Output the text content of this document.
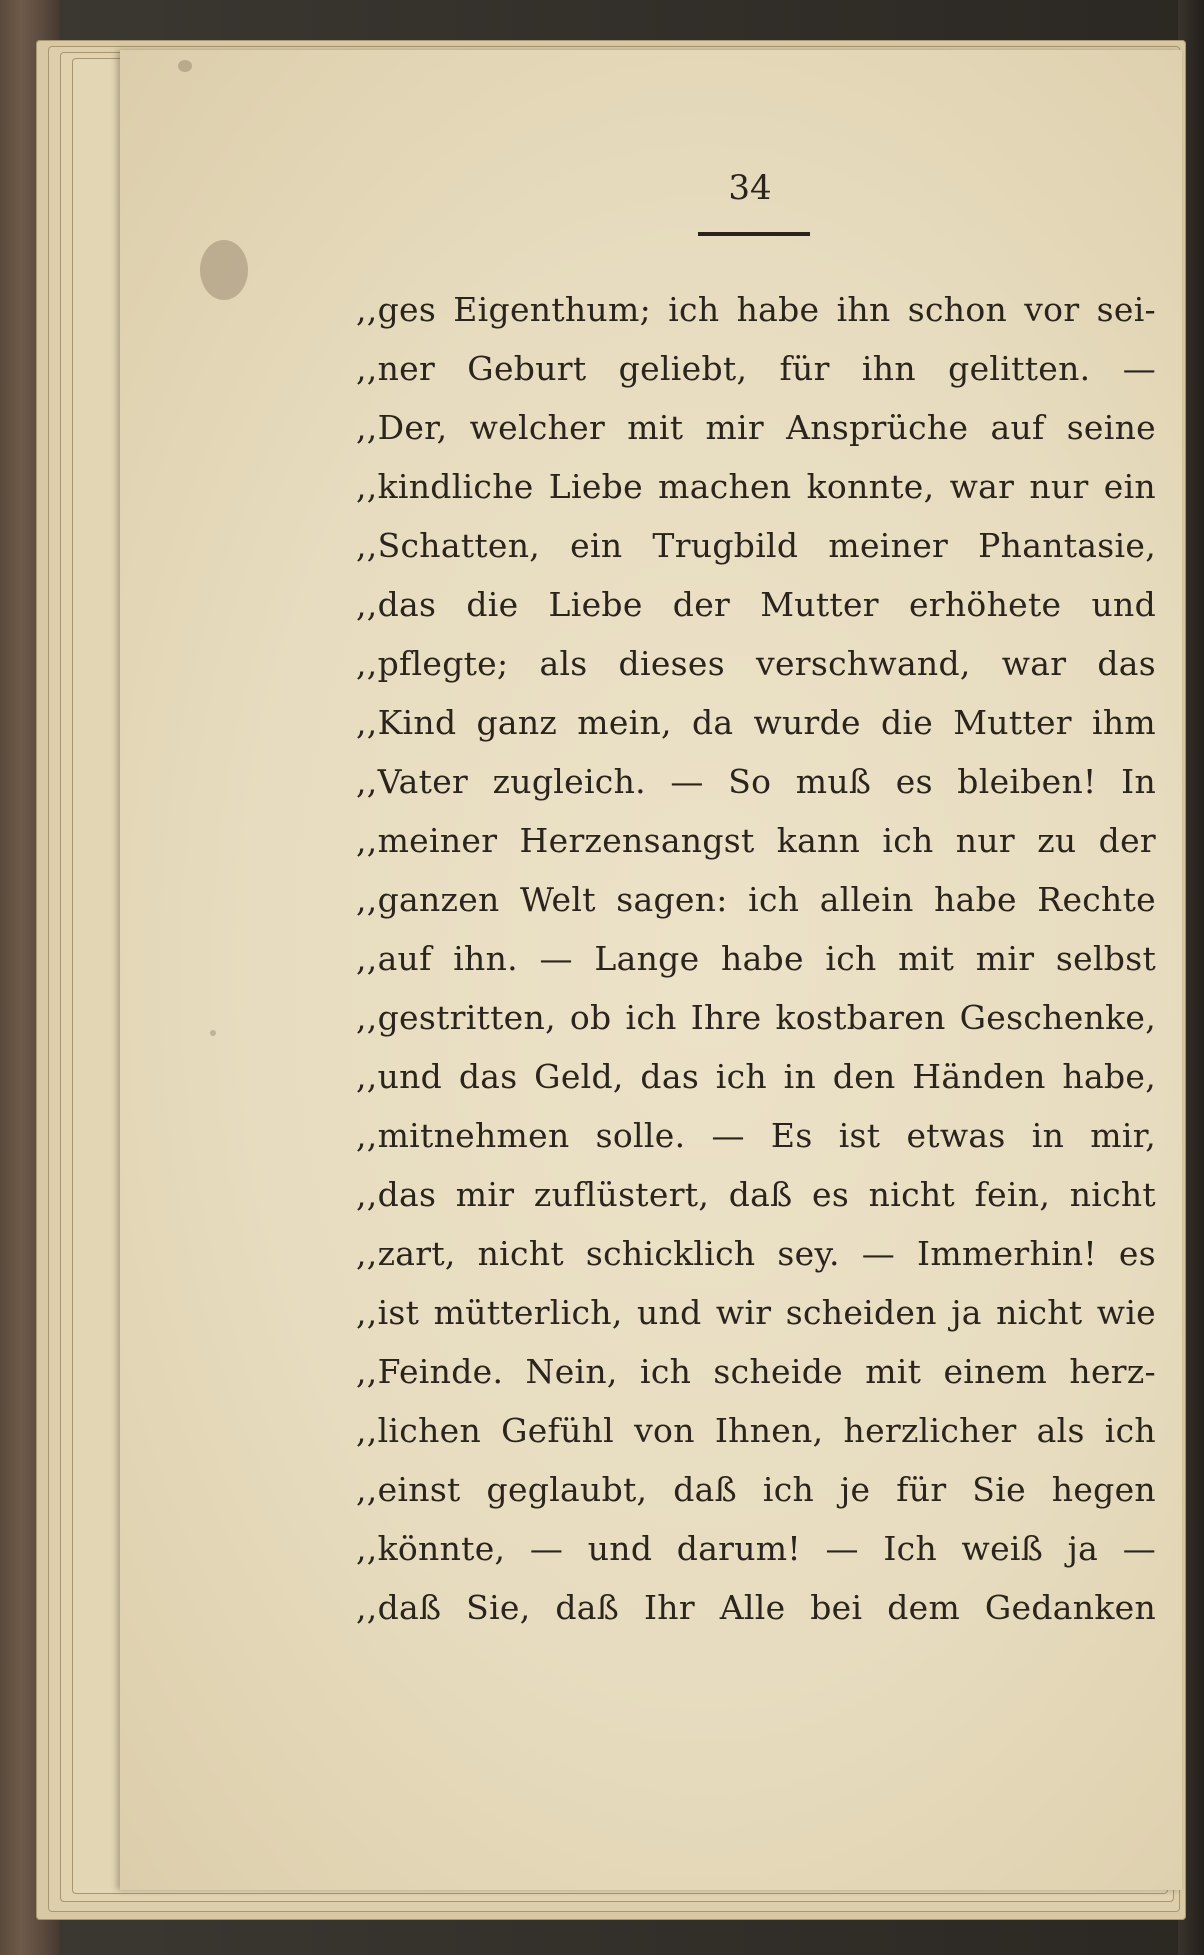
34
,,ges Eigenthum; ich habe ihn schon vor sei-
,,ner Geburt geliebt, für ihn gelitten. —
,,Der, welcher mit mir Ansprüche auf seine
,,kindliche Liebe machen konnte, war nur ein
,,Schatten, ein Trugbild meiner Phantasie,
,,das die Liebe der Mutter erhöhete und
,,pflegte; als dieses verschwand, war das
,,Kind ganz mein, da wurde die Mutter ihm
,,Vater zugleich. — So muß es bleiben! In
,,meiner Herzensangst kann ich nur zu der
,,ganzen Welt sagen: ich allein habe Rechte
,,auf ihn. — Lange habe ich mit mir selbst
,,gestritten, ob ich Ihre kostbaren Geschenke,
,,und das Geld, das ich in den Händen habe,
,,mitnehmen solle. — Es ist etwas in mir,
,,das mir zuflüstert, daß es nicht fein, nicht
,,zart, nicht schicklich sey. — Immerhin! es
,,ist mütterlich, und wir scheiden ja nicht wie
,,Feinde. Nein, ich scheide mit einem herz-
,,lichen Gefühl von Ihnen, herzlicher als ich
,,einst geglaubt, daß ich je für Sie hegen
,,könnte, — und darum! — Ich weiß ja —
,,daß Sie, daß Ihr Alle bei dem Gedanken
